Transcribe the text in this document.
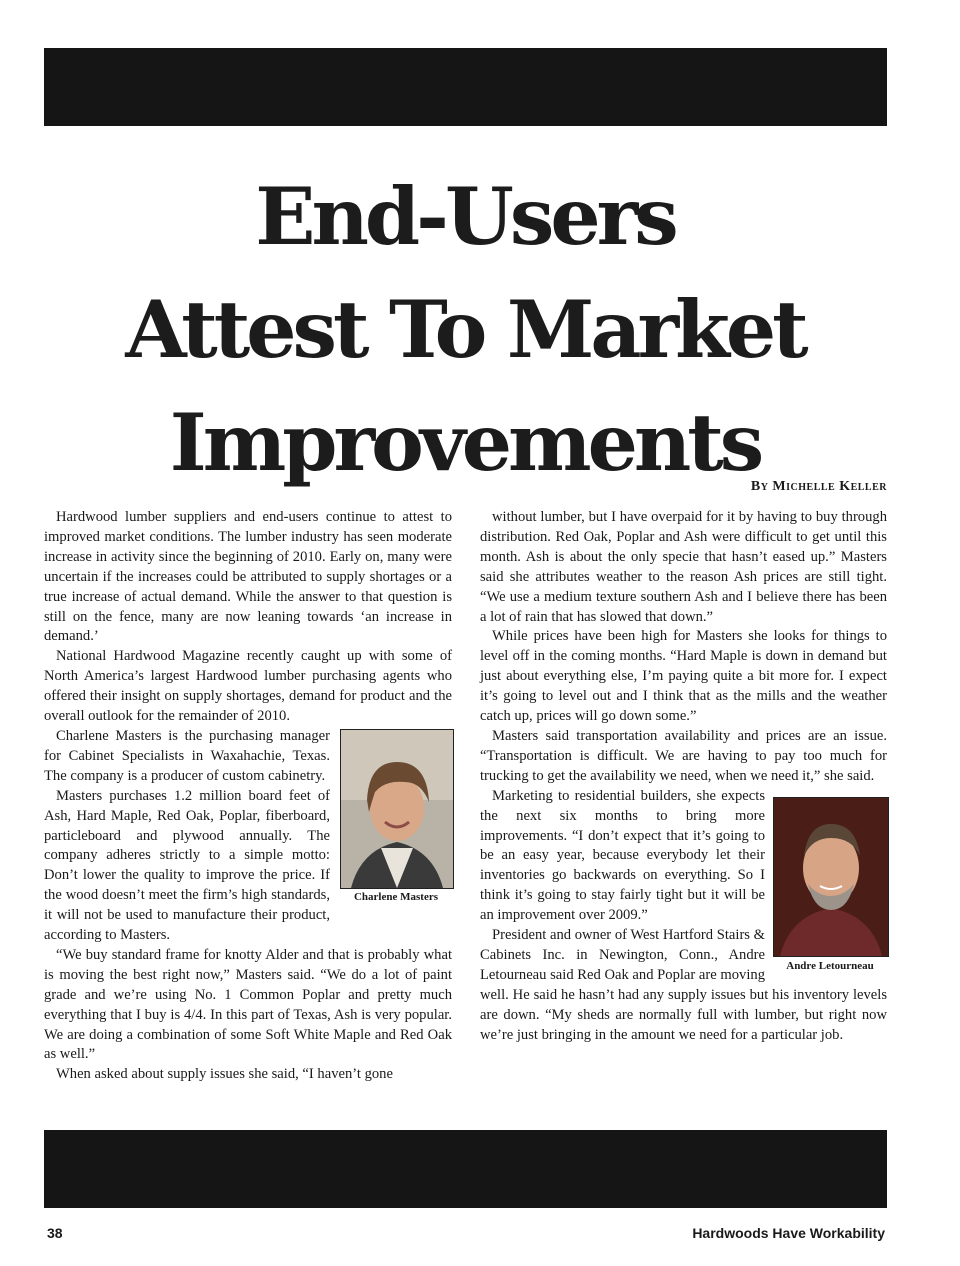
End-Users
Attest To Market
Improvements
By Michelle Keller

Hardwood lumber suppliers and end-users continue to attest to improved market conditions. The lumber industry has seen moderate increase in activity since the beginning of 2010. Early on, many were uncertain if the increases could be attributed to supply shortages or a true increase of actual demand. While the answer to that question is still on the fence, many are now leaning towards ‘an increase in demand.’

National Hardwood Magazine recently caught up with some of North America’s largest Hardwood lumber purchasing agents who offered their insight on supply shortages, demand for product and the overall outlook for the remainder of 2010.

Charlene Masters

Charlene Masters is the purchasing manager for Cabinet Specialists in Waxahachie, Texas. The company is a producer of custom cabinetry.

Masters purchases 1.2 million board feet of Ash, Hard Maple, Red Oak, Poplar, fiberboard, particleboard and plywood annually. The company adheres strictly to a simple motto: Don’t lower the quality to improve the price. If the wood doesn’t meet the firm’s high standards, it will not be used to manufacture their product, according to Masters.

“We buy standard frame for knotty Alder and that is probably what is moving the best right now,” Masters said. “We do a lot of paint grade and we’re using No. 1 Common Poplar and pretty much everything that I buy is 4/4. In this part of Texas, Ash is very popular. We are doing a combination of some Soft White Maple and Red Oak as well.”

When asked about supply issues she said, “I haven’t gone

without lumber, but I have overpaid for it by having to buy through distribution. Red Oak, Poplar and Ash were difficult to get until this month. Ash is about the only specie that hasn’t eased up.” Masters said she attributes weather to the reason Ash prices are still tight. “We use a medium texture southern Ash and I believe there has been a lot of rain that has slowed that down.”

While prices have been high for Masters she looks for things to level off in the coming months. “Hard Maple is down in demand but just about everything else, I’m paying quite a bit more for. I expect it’s going to level out and I think that as the mills and the weather catch up, prices will go down some.”

Masters said transportation availability and prices are an issue. “Transportation is difficult. We are having to pay too much for trucking to get the availability we need, when we need it,” she said.

Andre Letourneau

Marketing to residential builders, she expects the next six months to bring more improvements. “I don’t expect that it’s going to be an easy year, because everybody let their inventories go backwards on everything. So I think it’s going to stay fairly tight but it will be an improvement over 2009.”

President and owner of West Hartford Stairs & Cabinets Inc. in Newington, Conn., Andre Letourneau said Red Oak and Poplar are moving well. He said he hasn’t had any supply issues but his inventory levels are down. “My sheds are normally full with lumber, but right now we’re just bringing in the amount we need for a particular job.

38	Hardwoods Have Workability
